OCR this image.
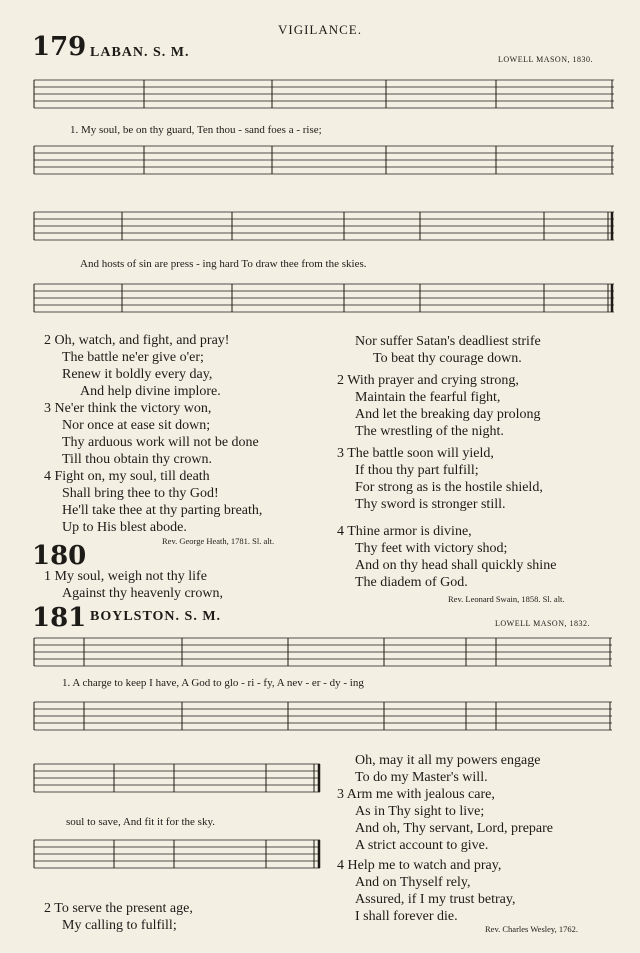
VIGILANCE.
179 LABAN. S. M.	LOWELL MASON, 1830.
1. My soul, be on thy guard, Ten thou - sand foes a - rise;
And hosts of sin are press - ing hard To draw thee from the skies.
2 Oh, watch, and fight, and pray!
The battle ne'er give o'er;
Renew it boldly every day,
And help divine implore.
3 Ne'er think the victory won,
Nor once at ease sit down;
Thy arduous work will not be done
Till thou obtain thy crown.
4 Fight on, my soul, till death
Shall bring thee to thy God!
He'll take thee at thy parting breath,
Up to His blest abode.
Rev. George Heath, 1781. Sl. alt.
180
1 My soul, weigh not thy life
Against thy heavenly crown,
Nor suffer Satan's deadliest strife
To beat thy courage down.
2 With prayer and crying strong,
Maintain the fearful fight,
And let the breaking day prolong
The wrestling of the night.
3 The battle soon will yield,
If thou thy part fulfill;
For strong as is the hostile shield,
Thy sword is stronger still.
4 Thine armor is divine,
Thy feet with victory shod;
And on thy head shall quickly shine
The diadem of God.
Rev. Leonard Swain, 1858. Sl. alt.
181 BOYLSTON. S. M.	LOWELL MASON, 1832.
1. A charge to keep I have, A God to glo - ri - fy, A nev - er - dy - ing
soul to save, And fit it for the sky.
2 To serve the present age,
My calling to fulfill;
Oh, may it all my powers engage
To do my Master's will.
3 Arm me with jealous care,
As in Thy sight to live;
And oh, Thy servant, Lord, prepare
A strict account to give.
4 Help me to watch and pray,
And on Thyself rely,
Assured, if I my trust betray,
I shall forever die.
Rev. Charles Wesley, 1762.
